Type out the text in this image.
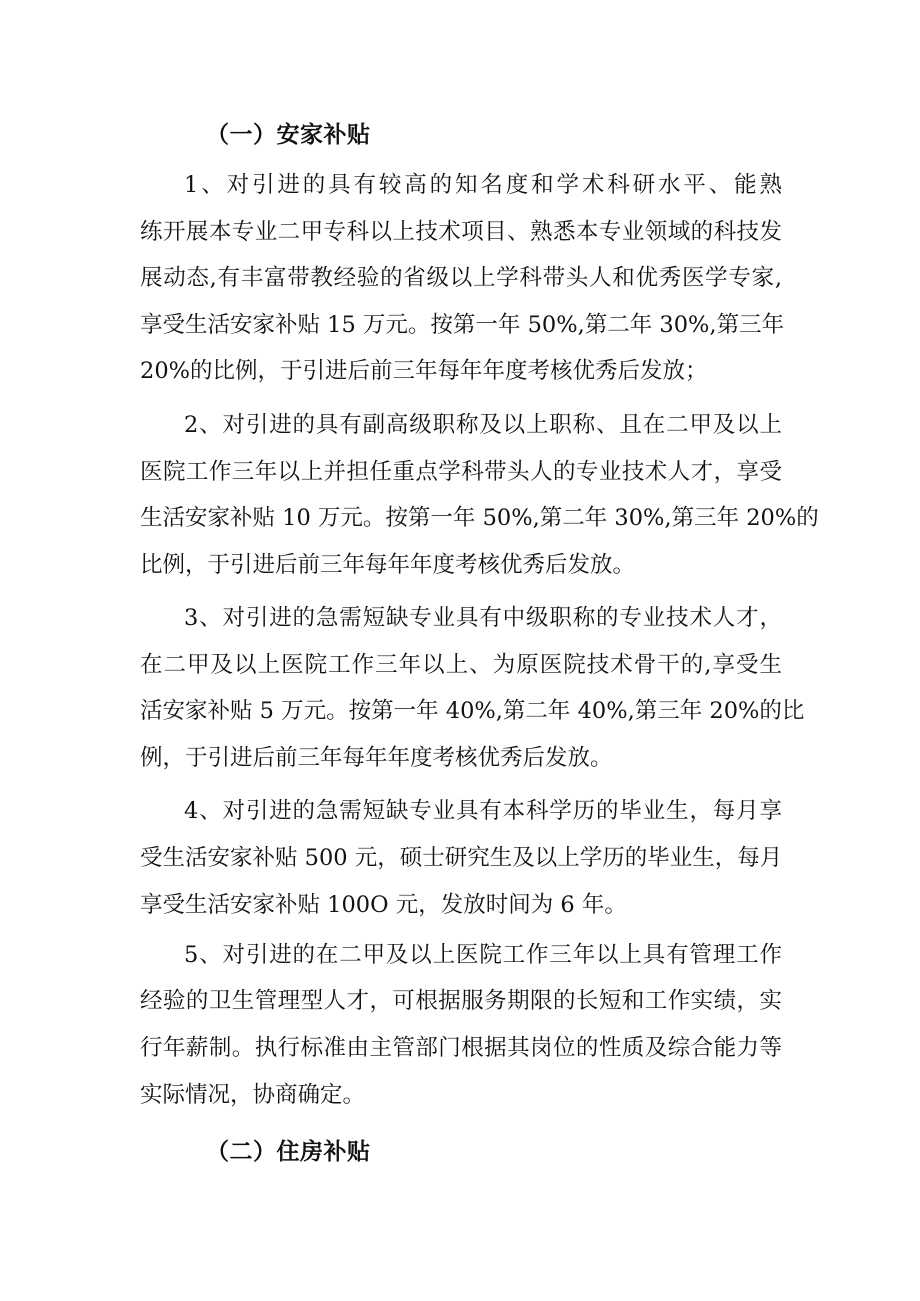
（一）安家补贴
1、对引进的具有较高的知名度和学术科研水平、能熟
练开展本专业二甲专科以上技术项目、熟悉本专业领域的科技发
展动态,有丰富带教经验的省级以上学科带头人和优秀医学专家,
享受生活安家补贴 15 万元。按第一年 50%,第二年 30%,第三年
20%的比例，于引进后前三年每年年度考核优秀后发放；
2、对引进的具有副高级职称及以上职称、且在二甲及以上
医院工作三年以上并担任重点学科带头人的专业技术人才，享受
生活安家补贴 10 万元。按第一年 50%,第二年 30%,第三年 20%的
比例，于引进后前三年每年年度考核优秀后发放。
3、对引进的急需短缺专业具有中级职称的专业技术人才，
在二甲及以上医院工作三年以上、为原医院技术骨干的,享受生
活安家补贴 5 万元。按第一年 40%,第二年 40%,第三年 20%的比
例，于引进后前三年每年年度考核优秀后发放。
4、对引进的急需短缺专业具有本科学历的毕业生，每月享
受生活安家补贴 500 元，硕士研究生及以上学历的毕业生，每月
享受生活安家补贴 100O 元，发放时间为 6 年。
5、对引进的在二甲及以上医院工作三年以上具有管理工作
经验的卫生管理型人才，可根据服务期限的长短和工作实绩，实
行年薪制。执行标准由主管部门根据其岗位的性质及综合能力等
实际情况，协商确定。
（二）住房补贴
